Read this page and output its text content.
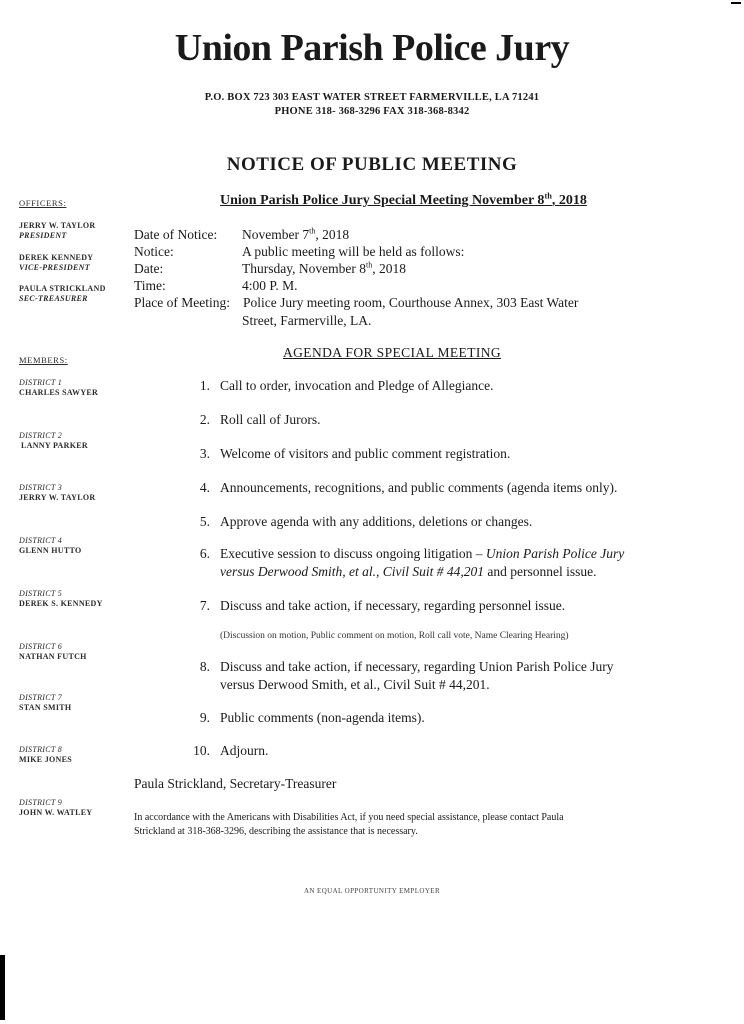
Union Parish Police Jury
P.O. BOX 723 303 EAST WATER STREET FARMERVILLE, LA 71241
PHONE 318- 368-3296 FAX 318-368-8342
NOTICE OF PUBLIC MEETING
Union Parish Police Jury Special Meeting November 8th, 2018
OFFICERS:
JERRY W. TAYLOR
PRESIDENT
DEREK KENNEDY
VICE-PRESIDENT
PAULA STRICKLAND
SEC-TREASURER
MEMBERS:
DISTRICT 1
CHARLES SAWYER
DISTRICT 2
LANNY PARKER
DISTRICT 3
JERRY W. TAYLOR
DISTRICT 4
GLENN HUTTO
DISTRICT 5
DEREK S. KENNEDY
DISTRICT 6
NATHAN FUTCH
DISTRICT 7
STAN SMITH
DISTRICT 8
MIKE JONES
DISTRICT 9
JOHN W. WATLEY
Date of Notice: November 7th, 2018
Notice:	A public meeting will be held as follows:
Date:	Thursday, November 8th, 2018
Time:	4:00 P. M.
Place of Meeting: Police Jury meeting room, Courthouse Annex, 303 East Water
Street, Farmerville, LA.
AGENDA FOR SPECIAL MEETING
1. Call to order, invocation and Pledge of Allegiance.
2. Roll call of Jurors.
3. Welcome of visitors and public comment registration.
4. Announcements, recognitions, and public comments (agenda items only).
5. Approve agenda with any additions, deletions or changes.
6. Executive session to discuss ongoing litigation – Union Parish Police Jury
versus Derwood Smith, et al., Civil Suit # 44,201 and personnel issue.
7. Discuss and take action, if necessary, regarding personnel issue.
(Discussion on motion, Public comment on motion, Roll call vote, Name Clearing Hearing)
8. Discuss and take action, if necessary, regarding Union Parish Police Jury
versus Derwood Smith, et al., Civil Suit # 44,201.
9. Public comments (non-agenda items).
10. Adjourn.
Paula Strickland, Secretary-Treasurer
In accordance with the Americans with Disabilities Act, if you need special assistance, please contact Paula
Strickland at 318-368-3296, describing the assistance that is necessary.
AN EQUAL OPPORTUNITY EMPLOYER
